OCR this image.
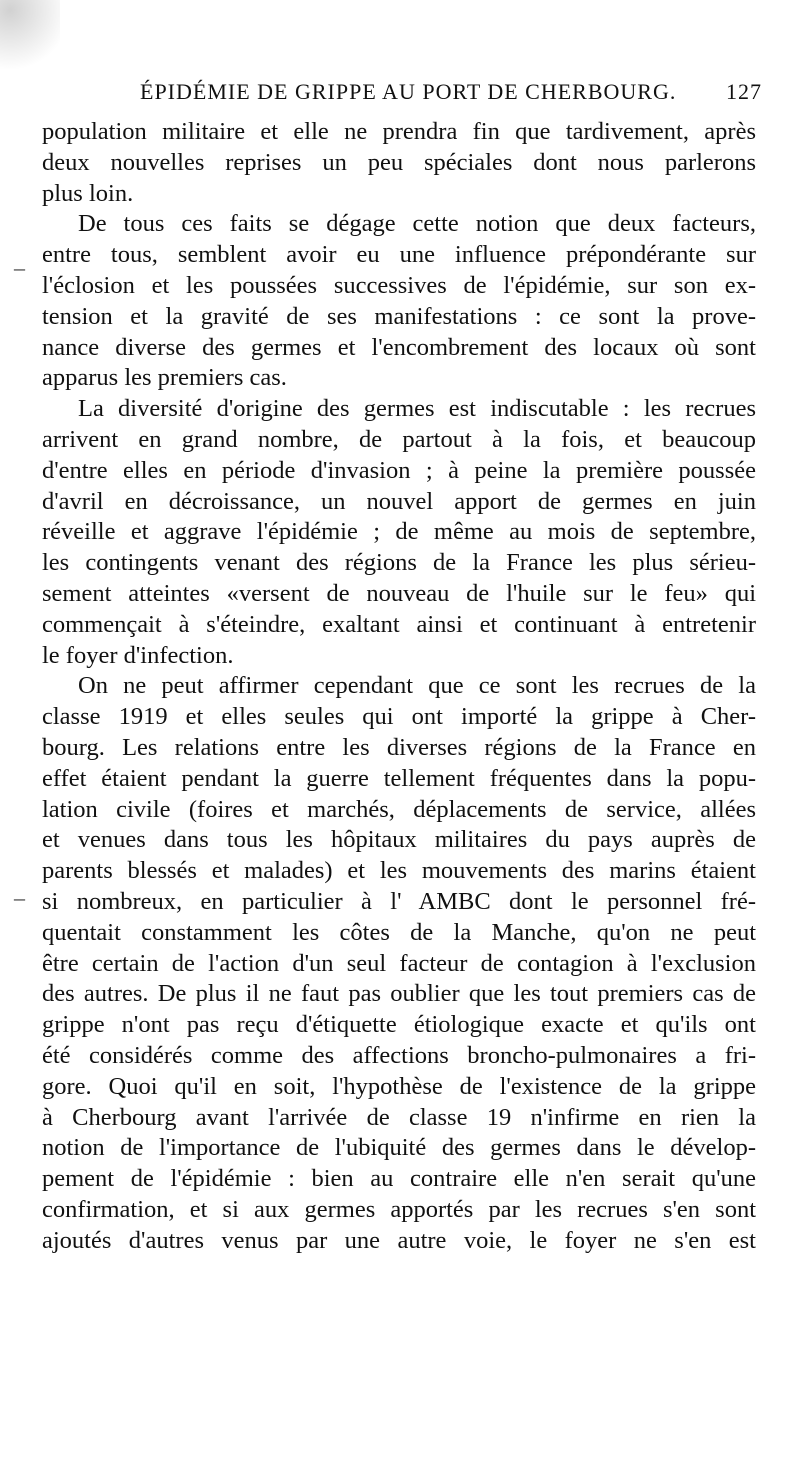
ÉPIDÉMIE DE GRIPPE AU PORT DE CHERBOURG. 127
–
–
population militaire et elle ne prendra fin que tardivement, après
deux nouvelles reprises un peu spéciales dont nous parlerons
plus loin.
De tous ces faits se dégage cette notion que deux facteurs,
entre tous, semblent avoir eu une influence prépondérante sur
l'éclosion et les poussées successives de l'épidémie, sur son ex-
tension et la gravité de ses manifestations : ce sont la prove-
nance diverse des germes et l'encombrement des locaux où sont
apparus les premiers cas.
La diversité d'origine des germes est indiscutable : les recrues
arrivent en grand nombre, de partout à la fois, et beaucoup
d'entre elles en période d'invasion ; à peine la première poussée
d'avril en décroissance, un nouvel apport de germes en juin
réveille et aggrave l'épidémie ; de même au mois de septembre,
les contingents venant des régions de la France les plus sérieu-
sement atteintes «versent de nouveau de l'huile sur le feu» qui
commençait à s'éteindre, exaltant ainsi et continuant à entretenir
le foyer d'infection.
On ne peut affirmer cependant que ce sont les recrues de la
classe 1919 et elles seules qui ont importé la grippe à Cher-
bourg. Les relations entre les diverses régions de la France en
effet étaient pendant la guerre tellement fréquentes dans la popu-
lation civile (foires et marchés, déplacements de service, allées
et venues dans tous les hôpitaux militaires du pays auprès de
parents blessés et malades) et les mouvements des marins étaient
si nombreux, en particulier à l' AMBC dont le personnel fré-
quentait constamment les côtes de la Manche, qu'on ne peut
être certain de l'action d'un seul facteur de contagion à l'exclusion
des autres. De plus il ne faut pas oublier que les tout premiers cas de
grippe n'ont pas reçu d'étiquette étiologique exacte et qu'ils ont
été considérés comme des affections broncho-pulmonaires a fri-
gore. Quoi qu'il en soit, l'hypothèse de l'existence de la grippe
à Cherbourg avant l'arrivée de classe 19 n'infirme en rien la
notion de l'importance de l'ubiquité des germes dans le dévelop-
pement de l'épidémie : bien au contraire elle n'en serait qu'une
confirmation, et si aux germes apportés par les recrues s'en sont
ajoutés d'autres venus par une autre voie, le foyer ne s'en est
